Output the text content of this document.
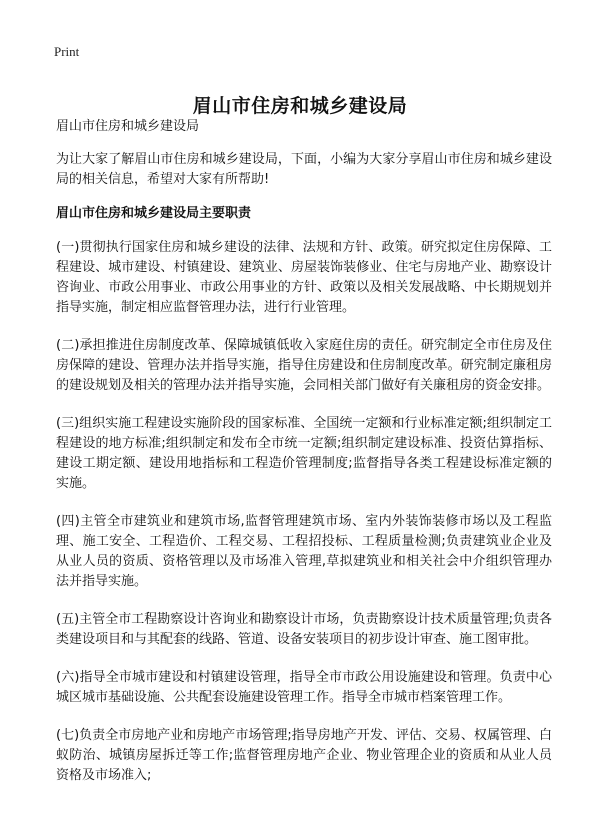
Print
眉山市住房和城乡建设局

眉山市住房和城乡建设局

为让大家了解眉山市住房和城乡建设局，下面，小编为大家分享眉山市住房和城乡建设局的相关信息，希望对大家有所帮助!

眉山市住房和城乡建设局主要职责

(一)贯彻执行国家住房和城乡建设的法律、法规和方针、政策。研究拟定住房保障、工程建设、城市建设、村镇建设、建筑业、房屋装饰装修业、住宅与房地产业、勘察设计咨询业、市政公用事业、市政公用事业的方针、政策以及相关发展战略、中长期规划并指导实施，制定相应监督管理办法，进行行业管理。

(二)承担推进住房制度改革、保障城镇低收入家庭住房的责任。研究制定全市住房及住房保障的建设、管理办法并指导实施，指导住房建设和住房制度改革。研究制定廉租房的建设规划及相关的管理办法并指导实施，会同相关部门做好有关廉租房的资金安排。

(三)组织实施工程建设实施阶段的国家标准、全国统一定额和行业标准定额;组织制定工程建设的地方标准;组织制定和发布全市统一定额;组织制定建设标准、投资估算指标、建设工期定额、建设用地指标和工程造价管理制度;监督指导各类工程建设标准定额的实施。

(四)主管全市建筑业和建筑市场,监督管理建筑市场、室内外装饰装修市场以及工程监理、施工安全、工程造价、工程交易、工程招投标、工程质量检测;负责建筑业企业及从业人员的资质、资格管理以及市场准入管理,草拟建筑业和相关社会中介组织管理办法并指导实施。

(五)主管全市工程勘察设计咨询业和勘察设计市场，负责勘察设计技术质量管理;负责各类建设项目和与其配套的线路、管道、设备安装项目的初步设计审查、施工图审批。

(六)指导全市城市建设和村镇建设管理，指导全市市政公用设施建设和管理。负责中心城区城市基础设施、公共配套设施建设管理工作。指导全市城市档案管理工作。

(七)负责全市房地产业和房地产市场管理;指导房地产开发、评估、交易、权属管理、白蚁防治、城镇房屋拆迁等工作;监督管理房地产企业、物业管理企业的资质和从业人员资格及市场准入;
